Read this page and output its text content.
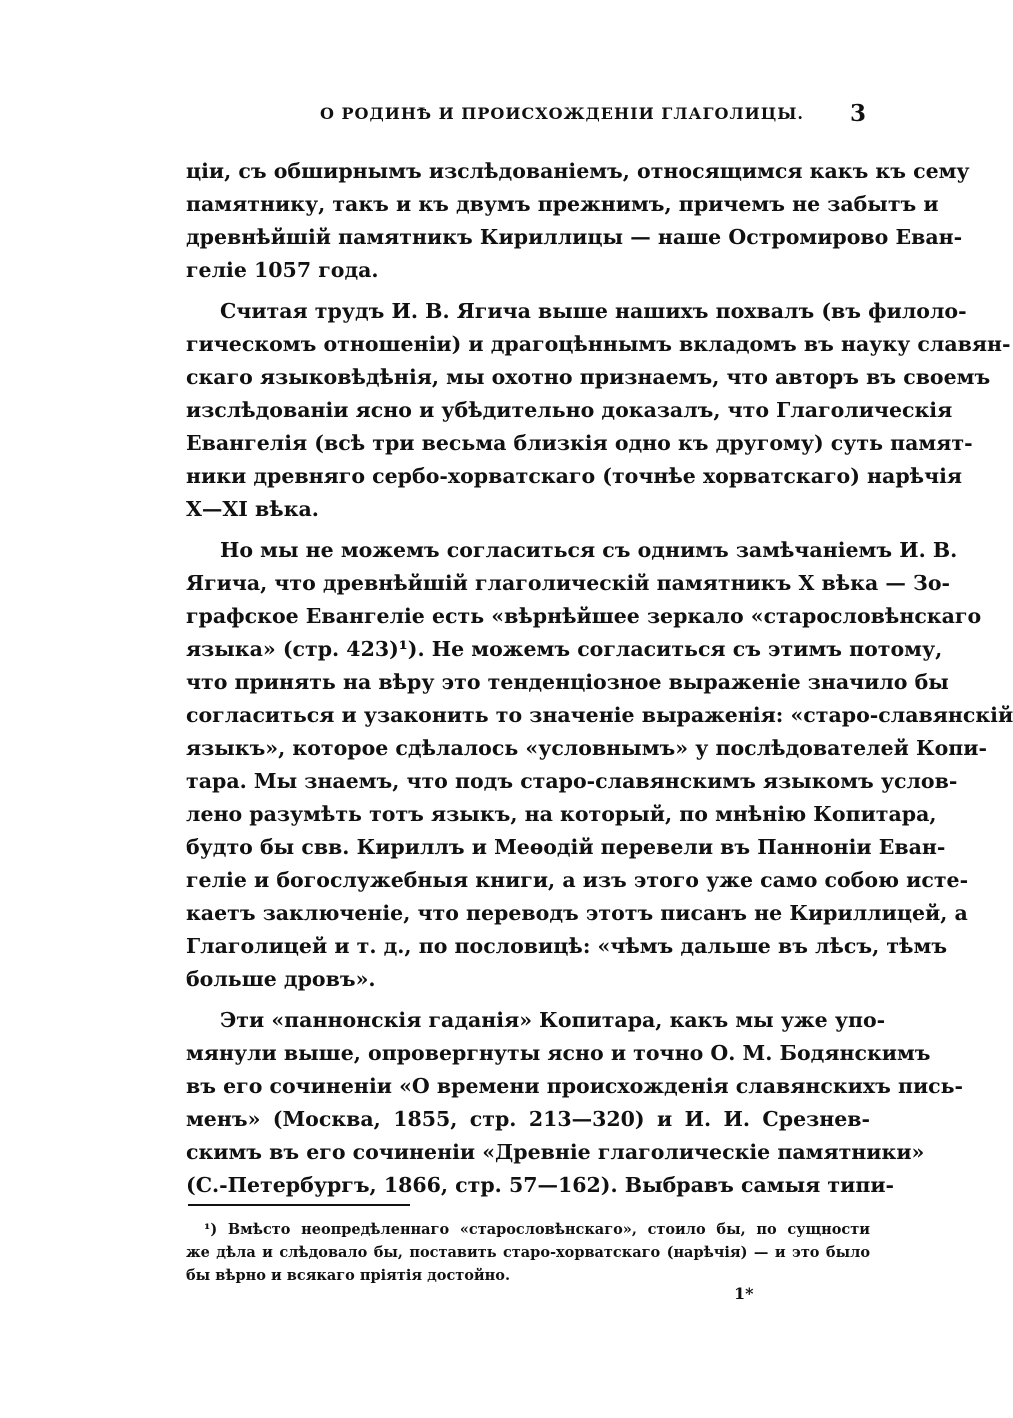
О РОДИНѢ И ПРОИСХОЖДЕНІИ ГЛАГОЛИЦЫ. 3
ціи, съ обширнымъ изслѣдованіемъ, относящимся какъ къ сему
памятнику, такъ и къ двумъ прежнимъ, причемъ не забытъ и
древнѣйшій памятникъ Кириллицы — наше Остромирово Еван-
геліе 1057 года.
Считая трудъ И. В. Ягича выше нашихъ похвалъ (въ филоло-
гическомъ отношеніи) и драгоцѣннымъ вкладомъ въ науку славян-
скаго языковѣдѣнія, мы охотно признаемъ, что авторъ въ своемъ
изслѣдованіи ясно и убѣдительно доказалъ, что Глаголическія
Евангелія (всѣ три весьма близкія одно къ другому) суть памят-
ники древняго сербо-хорватскаго (точнѣе хорватскаго) нарѣчія
X—XI вѣка.
Но мы не можемъ согласиться съ однимъ замѣчаніемъ И. В.
Ягича, что древнѣйшій глаголическій памятникъ X вѣка — Зо-
графское Евангеліе есть «вѣрнѣйшее зеркало «старословѣнскаго
языка» (стр. 423)¹). Не можемъ согласиться съ этимъ потому,
что принять на вѣру это тенденціозное выраженіе значило бы
согласиться и узаконить то значеніе выраженія: «старо-славянскій
языкъ», которое сдѣлалось «условнымъ» у послѣдователей Копи-
тара. Мы знаемъ, что подъ старо-славянскимъ языкомъ услов-
лено разумѣть тотъ языкъ, на который, по мнѣнію Копитара,
будто бы свв. Кириллъ и Меѳодій перевели въ Панноніи Еван-
геліе и богослужебныя книги, а изъ этого уже само собою исте-
каетъ заключеніе, что переводъ этотъ писанъ не Кириллицей, а
Глаголицей и т. д., по пословицѣ: «чѣмъ дальше въ лѣсъ, тѣмъ
больше дровъ».
Эти «паннонскія гаданія» Копитара, какъ мы уже упо-
мянули выше, опровергнуты ясно и точно О. М. Бодянскимъ
въ его сочиненіи «О времени происхожденія славянскихъ пись-
менъ» (Москва, 1855, стр. 213—320) и И. И. Срезнев-
скимъ въ его сочиненіи «Древніе глаголическіе памятники»
(С.-Петербургъ, 1866, стр. 57—162). Выбравъ самыя типи-
¹) Вмѣсто неопредѣленнаго «старословѣнскаго», стоило бы, по сущности
же дѣла и слѣдовало бы, поставить старо-хорватскаго (нарѣчія) — и это было
бы вѣрно и всякаго пріятія достойно.
1*
